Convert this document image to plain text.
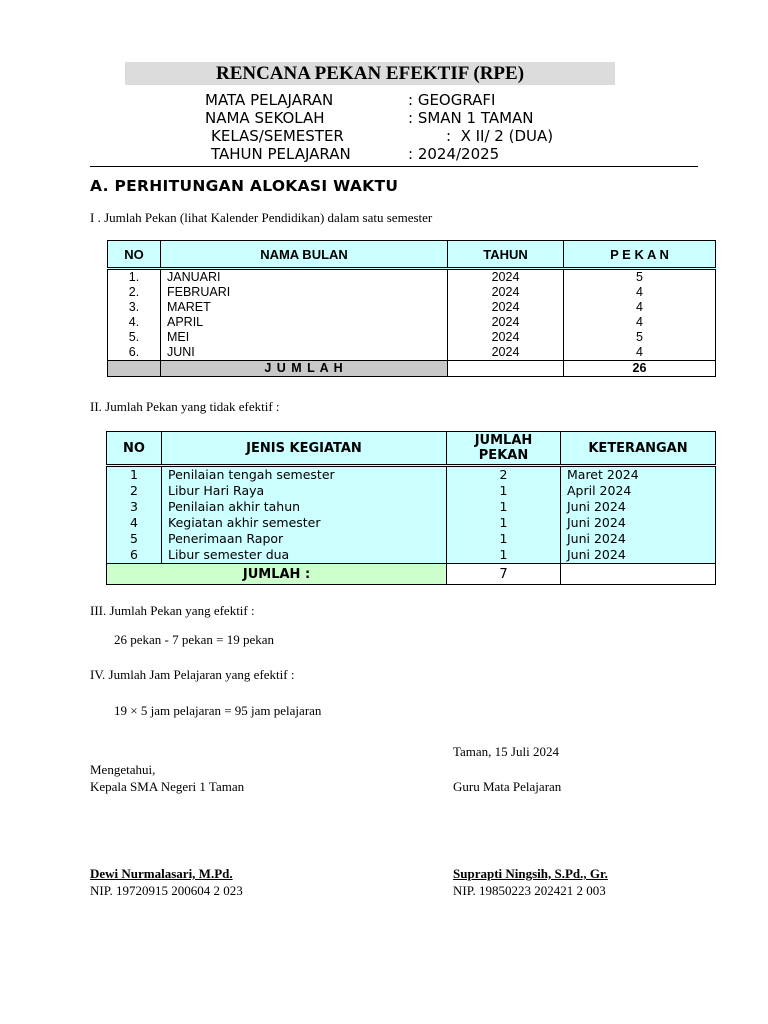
RENCANA PEKAN EFEKTIF (RPE)
MATA PELAJARAN	: GEOGRAFI
NAMA SEKOLAH	: SMAN 1 TAMAN
KELAS/SEMESTER	:  X II/ 2 (DUA)
TAHUN PELAJARAN	: 2024/2025
A. PERHITUNGAN ALOKASI WAKTU
I . Jumlah Pekan (lihat Kalender Pendidikan) dalam satu semester
NO	NAMA BULAN	TAHUN	P E K A N
1.	JANUARI	2024	5
2.	FEBRUARI	2024	4
3.	MARET	2024	4
4.	APRIL	2024	4
5.	MEI	2024	5
6.	JUNI	2024	4
	J U M L A H		26
II. Jumlah Pekan yang tidak efektif :
NO	JENIS KEGIATAN	JUMLAH PEKAN	KETERANGAN
1	Penilaian tengah semester	2	Maret 2024
2	Libur Hari Raya	1	April 2024
3	Penilaian akhir tahun	1	Juni 2024
4	Kegiatan akhir semester	1	Juni 2024
5	Penerimaan Rapor	1	Juni 2024
6	Libur semester dua	1	Juni 2024
JUMLAH :		7	
III. Jumlah Pekan yang efektif :
26 pekan - 7 pekan = 19 pekan
IV. Jumlah Jam Pelajaran yang efektif :
19 × 5 jam pelajaran = 95 jam pelajaran
Taman, 15 Juli 2024
Mengetahui,
Kepala SMA Negeri 1 Taman	Guru Mata Pelajaran
Dewi Nurmalasari, M.Pd.
NIP. 19720915 200604 2 023
Suprapti Ningsih, S.Pd., Gr.
NIP. 19850223 202421 2 003
